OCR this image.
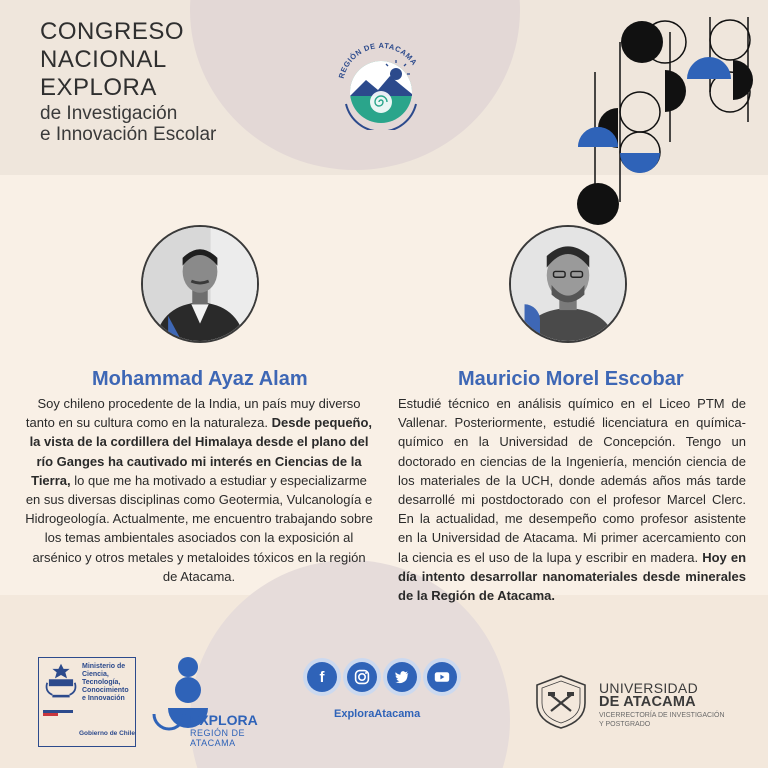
CONGRESO
NACIONAL
EXPLORA
de Investigación
e Innovación Escolar
REGIÓN DE ATACAMA
Mohammad Ayaz Alam
Soy chileno procedente de la India, un país muy diverso tanto en su cultura como en la naturaleza. Desde pequeño, la vista de la cordillera del Himalaya desde el plano del río Ganges ha cautivado mi interés en Ciencias de la Tierra, lo que me ha motivado a estudiar y especializarme en sus diversas disciplinas como Geotermia, Vulcanología e Hidrogeología. Actualmente, me encuentro trabajando sobre los temas ambientales asociados con la exposición al arsénico y otros metales y metaloides tóxicos en la región de Atacama.
Mauricio Morel Escobar
Estudié técnico en análisis químico en el Liceo PTM de Vallenar. Posteriormente, estudié licenciatura en química-químico en la Universidad de Concepción. Tengo un doctorado en ciencias de la Ingeniería, mención ciencia de los materiales de la UCH, donde además años más tarde desarrollé mi postdoctorado con el profesor Marcel Clerc. En la actualidad, me desempeño como profesor asistente en la Universidad de Atacama. Mi primer acercamiento con la ciencia es el uso de la lupa y escribir en madera. Hoy en día intento desarrollar nanomateriales desde minerales de la Región de Atacama.
Ministerio de
Ciencia,
Tecnología,
Conocimiento
e Innovación
Gobierno de Chile
EXPLORA
REGIÓN DE
ATACAMA
f
ExploraAtacama
UNIVERSIDAD
DE ATACAMA
VICERRECTORÍA DE INVESTIGACIÓN
Y POSTGRADO
